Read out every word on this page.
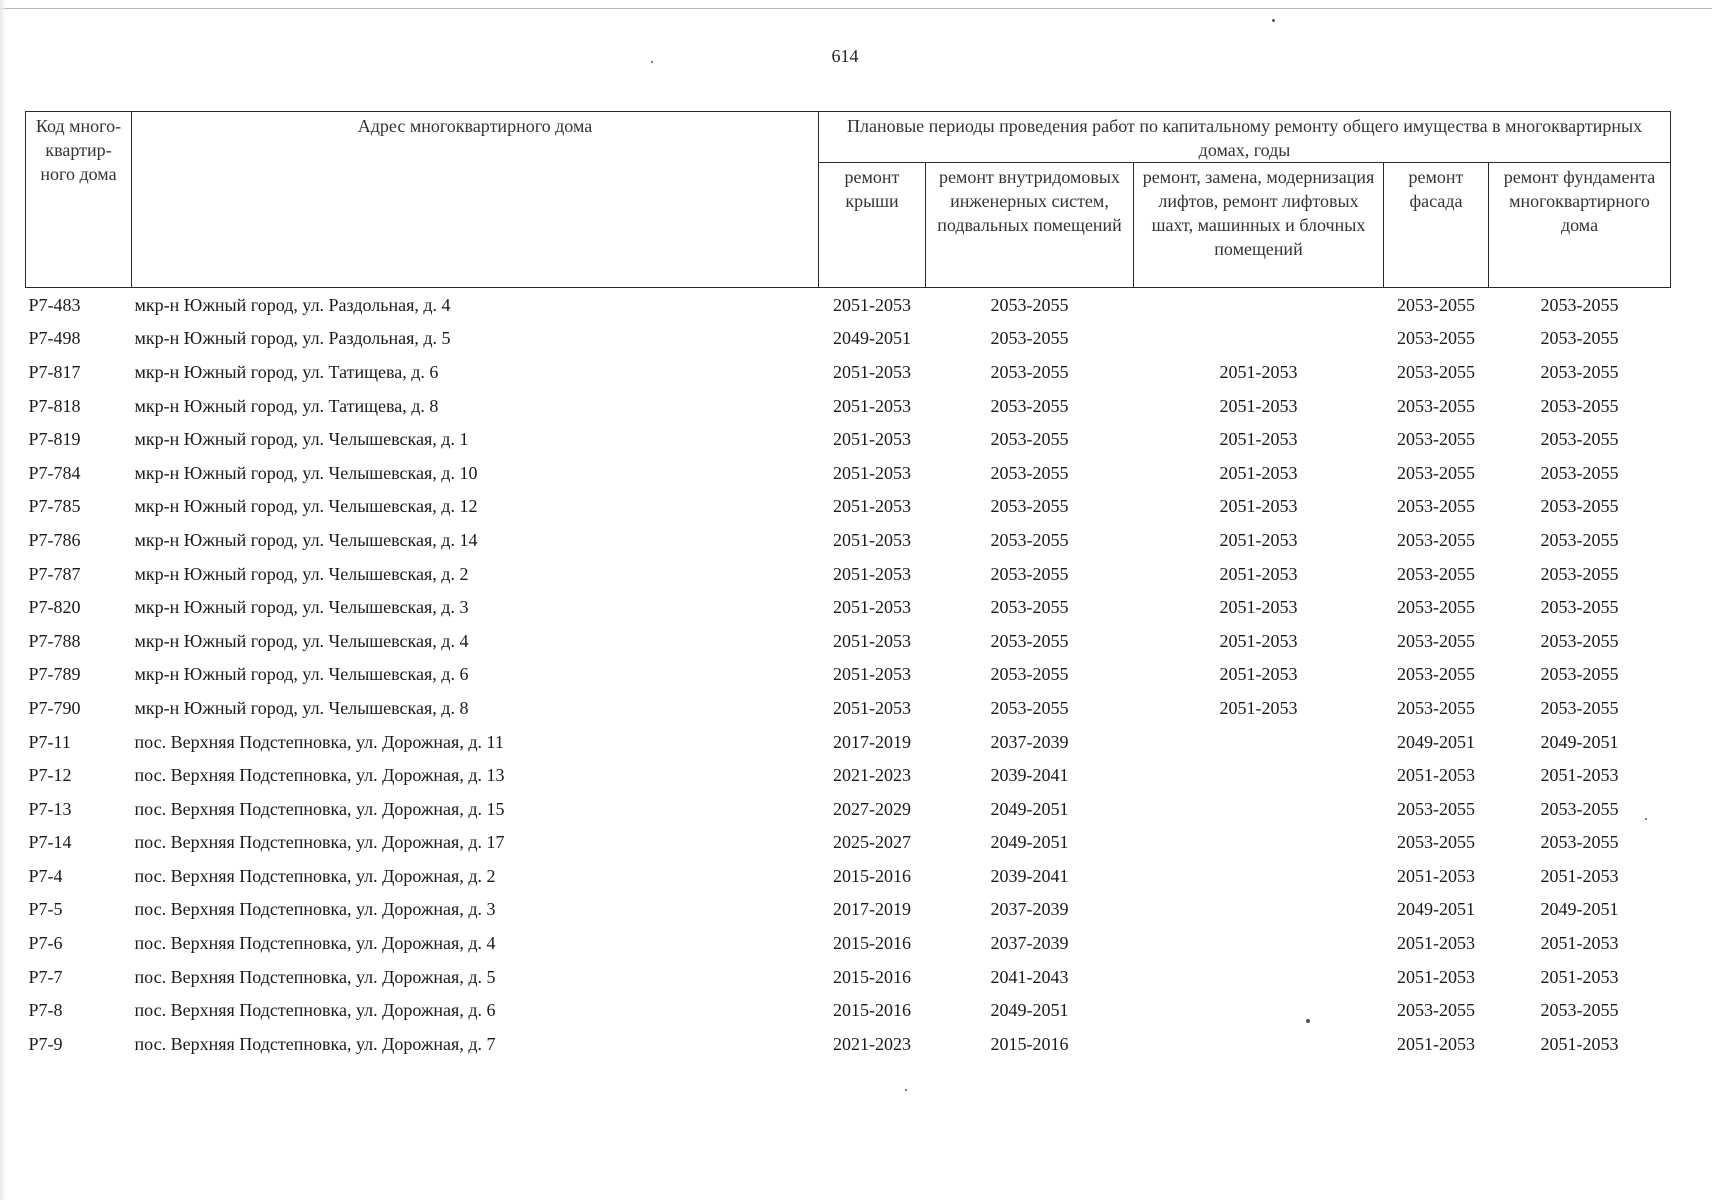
614
Код много-квартир-ного дома	Адрес многоквартирного дома	Плановые периоды проведения работ по капитальному ремонту общего имущества в многоквартирных домах, годы				
		ремонт крыши	ремонт внутридомовых инженерных систем, подвальных помещений	ремонт, замена, модернизация лифтов, ремонт лифтовых шахт, машинных и блочных помещений	ремонт фасада	ремонт фундамента многоквартирного дома
Р7-483	мкр-н Южный город, ул. Раздольная, д. 4	2051-2053	2053-2055		2053-2055	2053-2055
Р7-498	мкр-н Южный город, ул. Раздольная, д. 5	2049-2051	2053-2055		2053-2055	2053-2055
Р7-817	мкр-н Южный город, ул. Татищева, д. 6	2051-2053	2053-2055	2051-2053	2053-2055	2053-2055
Р7-818	мкр-н Южный город, ул. Татищева, д. 8	2051-2053	2053-2055	2051-2053	2053-2055	2053-2055
Р7-819	мкр-н Южный город, ул. Челышевская, д. 1	2051-2053	2053-2055	2051-2053	2053-2055	2053-2055
Р7-784	мкр-н Южный город, ул. Челышевская, д. 10	2051-2053	2053-2055	2051-2053	2053-2055	2053-2055
Р7-785	мкр-н Южный город, ул. Челышевская, д. 12	2051-2053	2053-2055	2051-2053	2053-2055	2053-2055
Р7-786	мкр-н Южный город, ул. Челышевская, д. 14	2051-2053	2053-2055	2051-2053	2053-2055	2053-2055
Р7-787	мкр-н Южный город, ул. Челышевская, д. 2	2051-2053	2053-2055	2051-2053	2053-2055	2053-2055
Р7-820	мкр-н Южный город, ул. Челышевская, д. 3	2051-2053	2053-2055	2051-2053	2053-2055	2053-2055
Р7-788	мкр-н Южный город, ул. Челышевская, д. 4	2051-2053	2053-2055	2051-2053	2053-2055	2053-2055
Р7-789	мкр-н Южный город, ул. Челышевская, д. 6	2051-2053	2053-2055	2051-2053	2053-2055	2053-2055
Р7-790	мкр-н Южный город, ул. Челышевская, д. 8	2051-2053	2053-2055	2051-2053	2053-2055	2053-2055
Р7-11	пос. Верхняя Подстепновка, ул. Дорожная, д. 11	2017-2019	2037-2039		2049-2051	2049-2051
Р7-12	пос. Верхняя Подстепновка, ул. Дорожная, д. 13	2021-2023	2039-2041		2051-2053	2051-2053
Р7-13	пос. Верхняя Подстепновка, ул. Дорожная, д. 15	2027-2029	2049-2051		2053-2055	2053-2055
Р7-14	пос. Верхняя Подстепновка, ул. Дорожная, д. 17	2025-2027	2049-2051		2053-2055	2053-2055
Р7-4	пос. Верхняя Подстепновка, ул. Дорожная, д. 2	2015-2016	2039-2041		2051-2053	2051-2053
Р7-5	пос. Верхняя Подстепновка, ул. Дорожная, д. 3	2017-2019	2037-2039		2049-2051	2049-2051
Р7-6	пос. Верхняя Подстепновка, ул. Дорожная, д. 4	2015-2016	2037-2039		2051-2053	2051-2053
Р7-7	пос. Верхняя Подстепновка, ул. Дорожная, д. 5	2015-2016	2041-2043		2051-2053	2051-2053
Р7-8	пос. Верхняя Подстепновка, ул. Дорожная, д. 6	2015-2016	2049-2051		2053-2055	2053-2055
Р7-9	пос. Верхняя Подстепновка, ул. Дорожная, д. 7	2021-2023	2015-2016		2051-2053	2051-2053
